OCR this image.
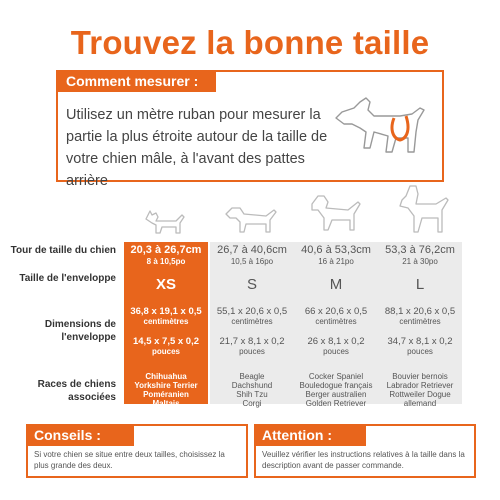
Trouvez la bonne taille
Comment mesurer :
Utilisez un mètre ruban pour mesurer la partie la plus étroite autour de la taille de votre chien mâle, à l'avant des pattes arrière
Tour de taille du chien
Taille de l'enveloppe
Dimensions de l'enveloppe
Races de chiens associées
20,3 à 26,7cm
8 à 10,5po
XS
36,8 x 19,1 x 0,5
centimètres
14,5 x 7,5 x 0,2
pouces
Chihuahua
Yorkshire Terrier
Poméranien
Maltais
26,7 à 40,6cm
10,5 à 16po
S
55,1 x 20,6 x 0,5
centimètres
21,7 x 8,1 x 0,2
pouces
Beagle
Dachshund
Shih Tzu
Corgi
40,6 à 53,3cm
16 à 21po
M
66 x 20,6 x 0,5
centimètres
26 x 8,1 x 0,2
pouces
Cocker Spaniel
Bouledogue français
Berger australien
Golden Retriever
53,3 à 76,2cm
21 à 30po
L
88,1 x 20,6 x 0,5
centimètres
34,7 x 8,1 x 0,2
pouces
Bouvier bernois
Labrador Retriever
Rottweiler Dogue
allemand
Conseils :
Si votre chien se situe entre deux tailles, choisissez la plus grande des deux.
Attention :
Veuillez vérifier les instructions relatives à la taille dans la description avant de passer commande.
